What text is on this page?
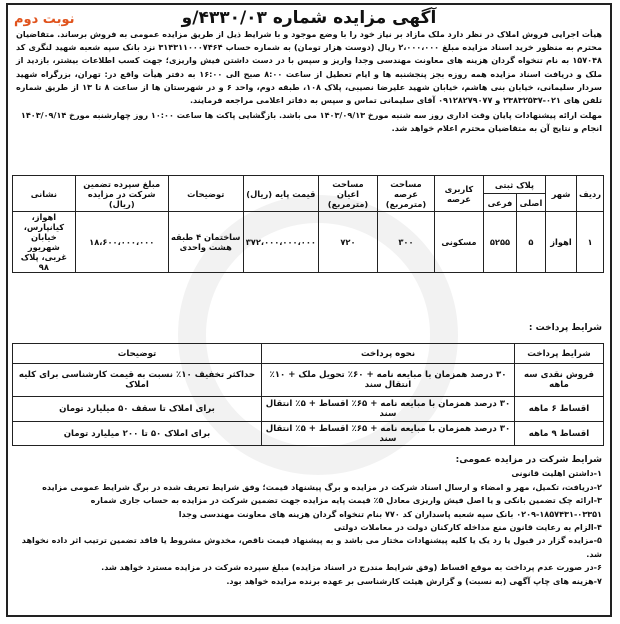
نوبت دوم	آگهی مزایده شماره ۴۳۳۰/۰۳/و
هیأت اجرایی فروش املاک در نظر دارد ملک مازاد بر نیاز خود را با وضع موجود و با شرایط ذیل از طریق مزایده عمومی به فروش برساند. متقاضیان محترم به منظور خرید اسناد مزایده مبلغ ۲،۰۰۰،۰۰۰ ریال (دوست هزار تومان) به شماره حساب ۳۱۴۳۱۱۰۰۰۷۴۶۴ نزد بانک سپه شعبه شهید لنگری کد ۱۵۷۰۴۸ به نام تنخواه گردان هزینه های معاونت مهندسی وجدا واریز و سپس با در دست داشتن فیش واریزی؛ جهت کسب اطلاعات بیشتر، بازدید از ملک و دریافت اسناد مزایده همه روزه بجز پنجشنبه ها و ایام تعطیل از ساعت ۸:۰۰ صبح الی ۱۶:۰۰ به دفتر هیأت واقع در: تهران، بزرگراه شهید سردار سلیمانی، خیابان بنی هاشم، خیابان شهید علیرضا نصیبی، پلاک ۱۰۸، طبقه دوم، واحد ۶ و در شهرستان ها از ساعت ۸ تا ۱۳ از طریق شماره تلفن های ۰۲۱-۲۳۸۳۲۵۳۷ و ۰۹۱۲۸۲۷۹۰۷۷ آقای سلیمانی تماس و سپس به دفاتر اعلامی مراجعه فرمایند.
مهلت ارائه پیشنهادات پایان وقت اداری روز سه شنبه مورخ ۱۴۰۳/۰۹/۱۳ می باشد. بازگشایی پاکت ها ساعت ۱۰:۰۰ روز چهارشنبه مورخ ۱۴۰۳/۰۹/۱۴ انجام و نتایج آن به متقاضیان محترم اعلام خواهد شد.
ردیف	شهر	پلاک ثبتی		کاربری عرصه	مساحت عرصه (مترمربع)	مساحت اعیان (مترمربع)	قیمت پایه (ریال)	توضیحات	مبلغ سپرده تضمین شرکت در مزایده (ریال)	نشانی
		اصلی	فرعی							
۱	اهواز	۵	۵۲۵۵	مسکونی	۳۰۰	۷۲۰	۳۷۲،۰۰۰،۰۰۰،۰۰۰	ساختمان ۴ طبقه هشت واحدی	۱۸،۶۰۰،۰۰۰،۰۰۰	اهواز، کیانپارس، خیابان شهریور غربی، پلاک ۹۸
شرایط پرداخت :
شرایط پرداخت	نحوه پرداخت	توضیحات
فروش نقدی سه ماهه	۳۰ درصد همزمان با مبایعه نامه + ۶۰٪ تحویل ملک + ۱۰٪ انتقال سند	حداکثر تخفیف ۱۰٪ نسبت به قیمت کارشناسی برای کلیه املاک
اقساط ۶ ماهه	۳۰ درصد همزمان با مبایعه نامه + ۶۵٪ اقساط + ۵٪ انتقال سند	برای املاک تا سقف ۵۰ میلیارد تومان
اقساط ۹ ماهه	۳۰ درصد همزمان با مبایعه نامه + ۶۵٪ اقساط + ۵٪ انتقال سند	برای املاک ۵۰ تا ۲۰۰ میلیارد تومان
شرایط شرکت در مزایده عمومی:
۱-داشتن اهلیت قانونی
۲-دریافت، تکمیل، مهر و امضاء و ارسال اسناد شرکت در مزایده و برگ پیشنهاد قیمت؛ وفق شرایط تعریف شده در برگ شرایط عمومی مزایده
۳-ارائه چک تضمین بانکی و یا اصل فیش واریزی معادل ۵٪ قیمت پایه مزایده جهت تضمین شرکت در مزایده به حساب جاری شماره ۰۳۳۵۱-۱۸۵۷۴۳۱-۰۲۰۹ بانک سپه شعبه پاسداران کد ۷۷۰ بنام تنخواه گردان هزینه های معاونت مهندسی وجدا
۴-الزام به رعایت قانون منع مداخله کارکنان دولت در معاملات دولتی
۵-مزایده گزار در قبول یا رد یک یا کلیه پیشنهادات مختار می باشد و به پیشنهاد قیمت ناقص، مخدوش مشروط یا فاقد تضمین ترتیب اثر داده نخواهد شد.
۶-در صورت عدم پرداخت به موقع اقساط (وفق شرایط مندرج در اسناد مزایده) مبلغ سپرده شرکت در مزایده مسترد خواهد شد.
۷-هزینه های چاپ آگهی (به نسبت) و گزارش هیئت کارشناسی بر عهده برنده مزایده خواهد بود.
